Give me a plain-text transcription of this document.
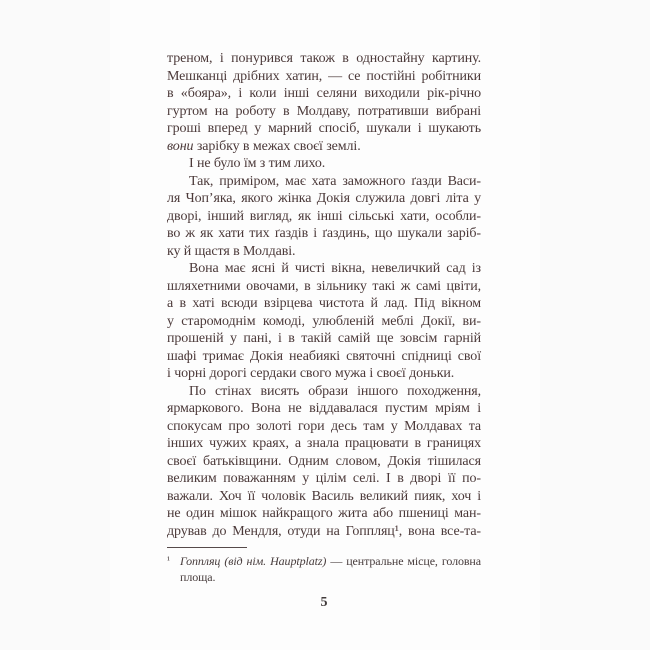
треном, і понурився також в одностайну картину.
Мешканці дрібних хатин, — се постійні робітники
в «бояра», і коли інші селяни виходили рік-річно
гуртом на роботу в Молдаву, потративши вибрані
гроші вперед у марний спосіб, шукали і шукають
вони зарібку в межах своєї землі.
І не було їм з тим лихо.
Так, приміром, має хата заможного ґазди Васи-
ля Чоп’яка, якого жінка Докія служила довгі літа у
дворі, інший вигляд, як інші сільські хати, особли-
во ж як хати тих ґаздів і ґаздинь, що шукали заріб-
ку й щастя в Молдаві.
Вона має ясні й чисті вікна, невеличкий сад із
шляхетними овочами, в зільнику такі ж самі цвіти,
а в хаті всюди взірцева чистота й лад. Під вікном
у старомоднім комоді, улюбленій меблі Докії, ви-
прошеній у пані, і в такій самій ще зовсім гарній
шафі тримає Докія неабиякі святочні спідниці свої
і чорні дорогі сердаки свого мужа і своєї доньки.
По стінах висять образи іншого походження,
ярмаркового. Вона не віддавалася пустим мріям і
спокусам про золоті гори десь там у Молдавах та
інших чужих краях, а знала працювати в границях
своєї батьківщини. Одним словом, Докія тішилася
великим поважанням у цілім селі. І в дворі її по-
важали. Хоч її чоловік Василь великий пияк, хоч і
не один мішок найкращого жита або пшениці ман-
дрував до Мендля, отуди на Гоппляц¹, вона все-та-
¹ Гоппляц (від нім. Hauptplatz) — центральне місце, головна
площа.
5
